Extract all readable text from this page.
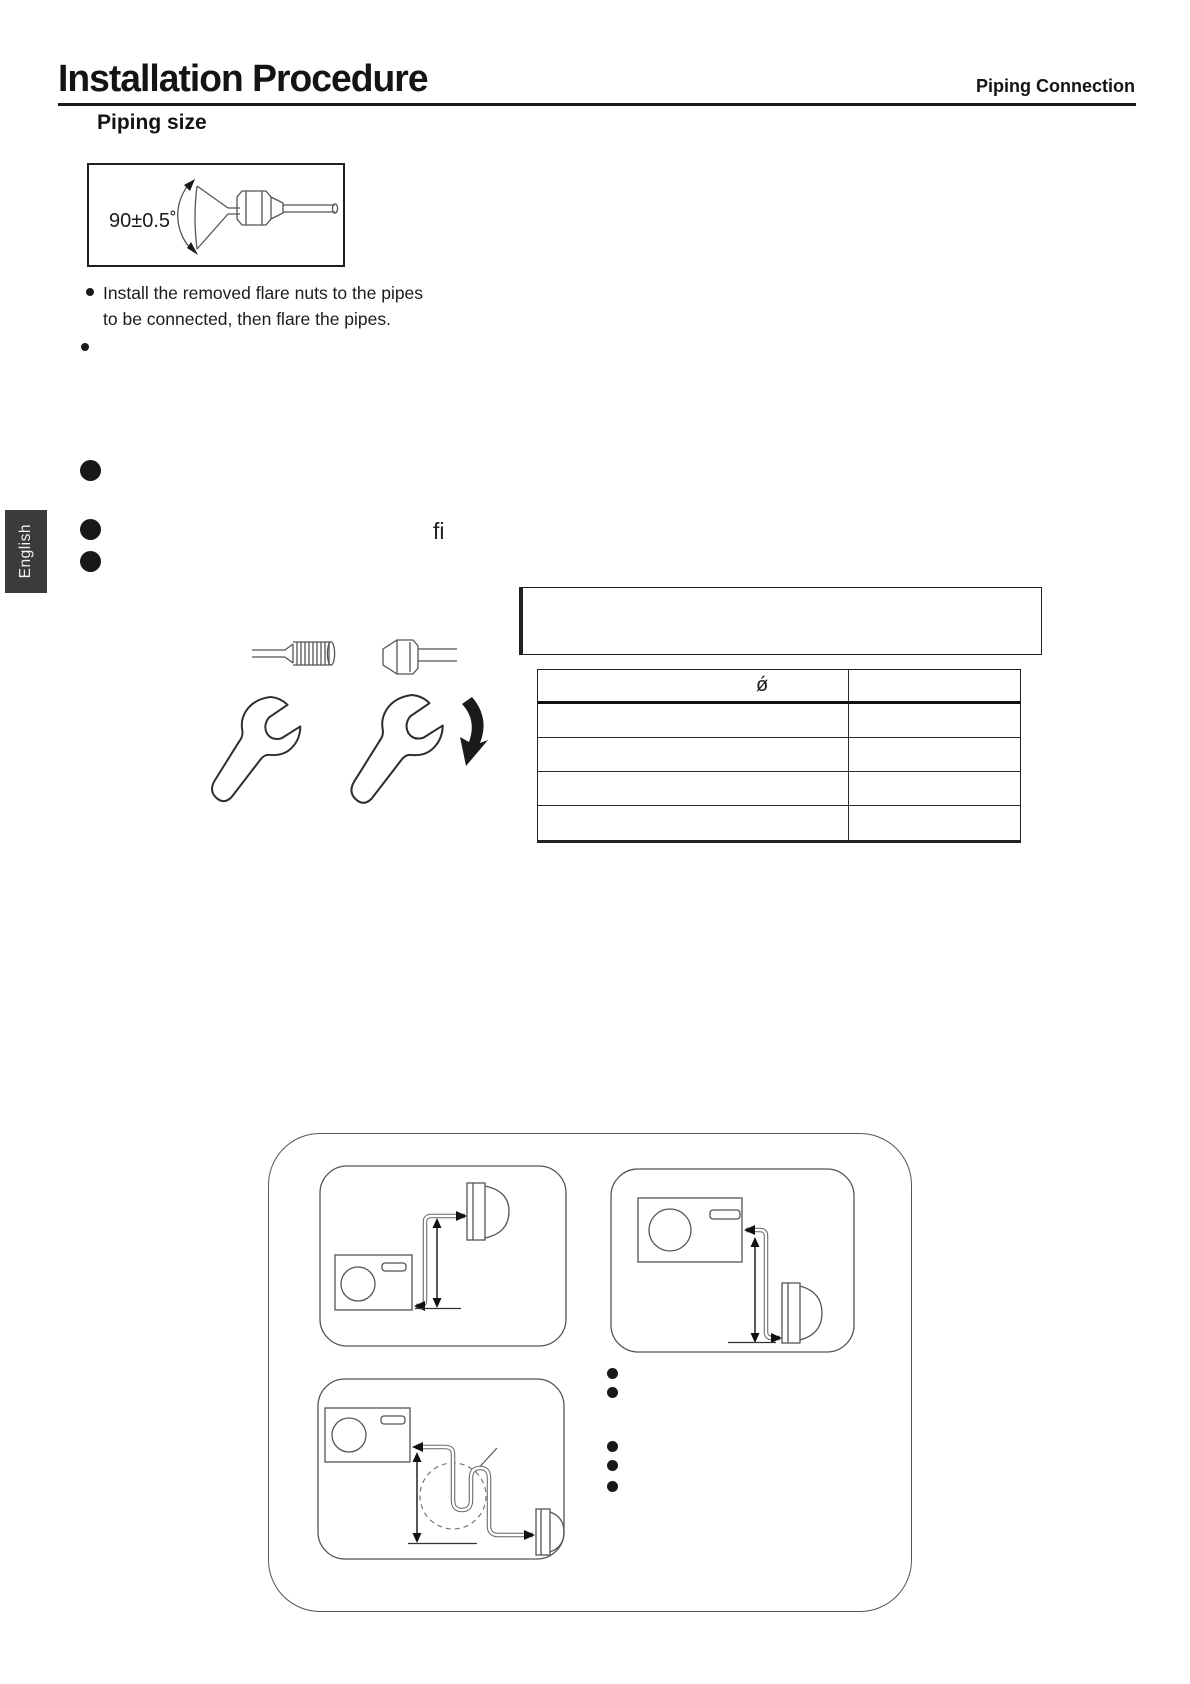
Installation Procedure	Piping Connection
Piping size
90±0.5˚
Install the removed flare nuts to the pipes
to be connected, then flare the pipes.
English	fi
ǿ
